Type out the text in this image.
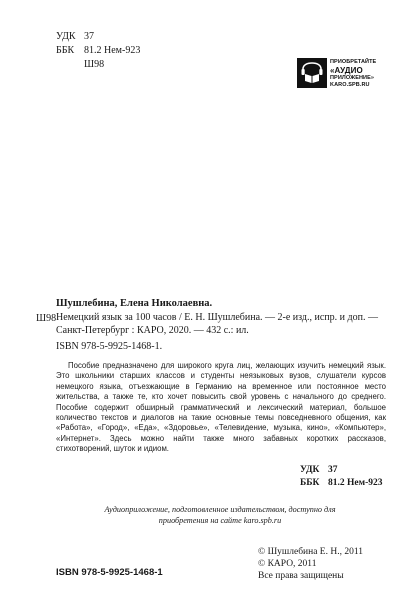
УДК 37
ББК 81.2 Нем-923
Ш98	ПРИОБРЕТАЙТЕ
«АУДИО
ПРИЛОЖЕНИЕ»
KARO.SPB.RU
Шушлебина, Елена Николаевна.
Ш98 Немецкий язык за 100 часов / Е. Н. Шушлебина. — 2-е изд., испр. и доп. — Санкт-Петербург : КАРО, 2020. — 432 с.: ил.
ISBN 978-5-9925-1468-1.

Пособие предназначено для широкого круга лиц, желающих изучить немецкий язык. Это школьники старших классов и студенты неязыковых вузов, слушатели курсов немецкого языка, отъезжающие в Германию на временное или постоянное место жительства, а также те, кто хочет повысить свой уровень с начального до среднего. Пособие содержит обширный грамматический и лексический материал, большое количество текстов и диалогов на такие основные темы повседневного общения, как «Работа», «Город», «Еда», «Здоровье», «Телевидение, музыка, кино», «Компьютер», «Интернет». Здесь можно найти также много забавных коротких рассказов, стихотворений, шуток и идиом.

УДК 37
ББК 81.2 Нем-923
Аудиоприложение, подготовленное издательством, доступно для приобретения на сайте karo.spb.ru
ISBN 978-5-9925-1468-1
© Шушлебина Е. Н., 2011
© КАРО, 2011
Все права защищены
